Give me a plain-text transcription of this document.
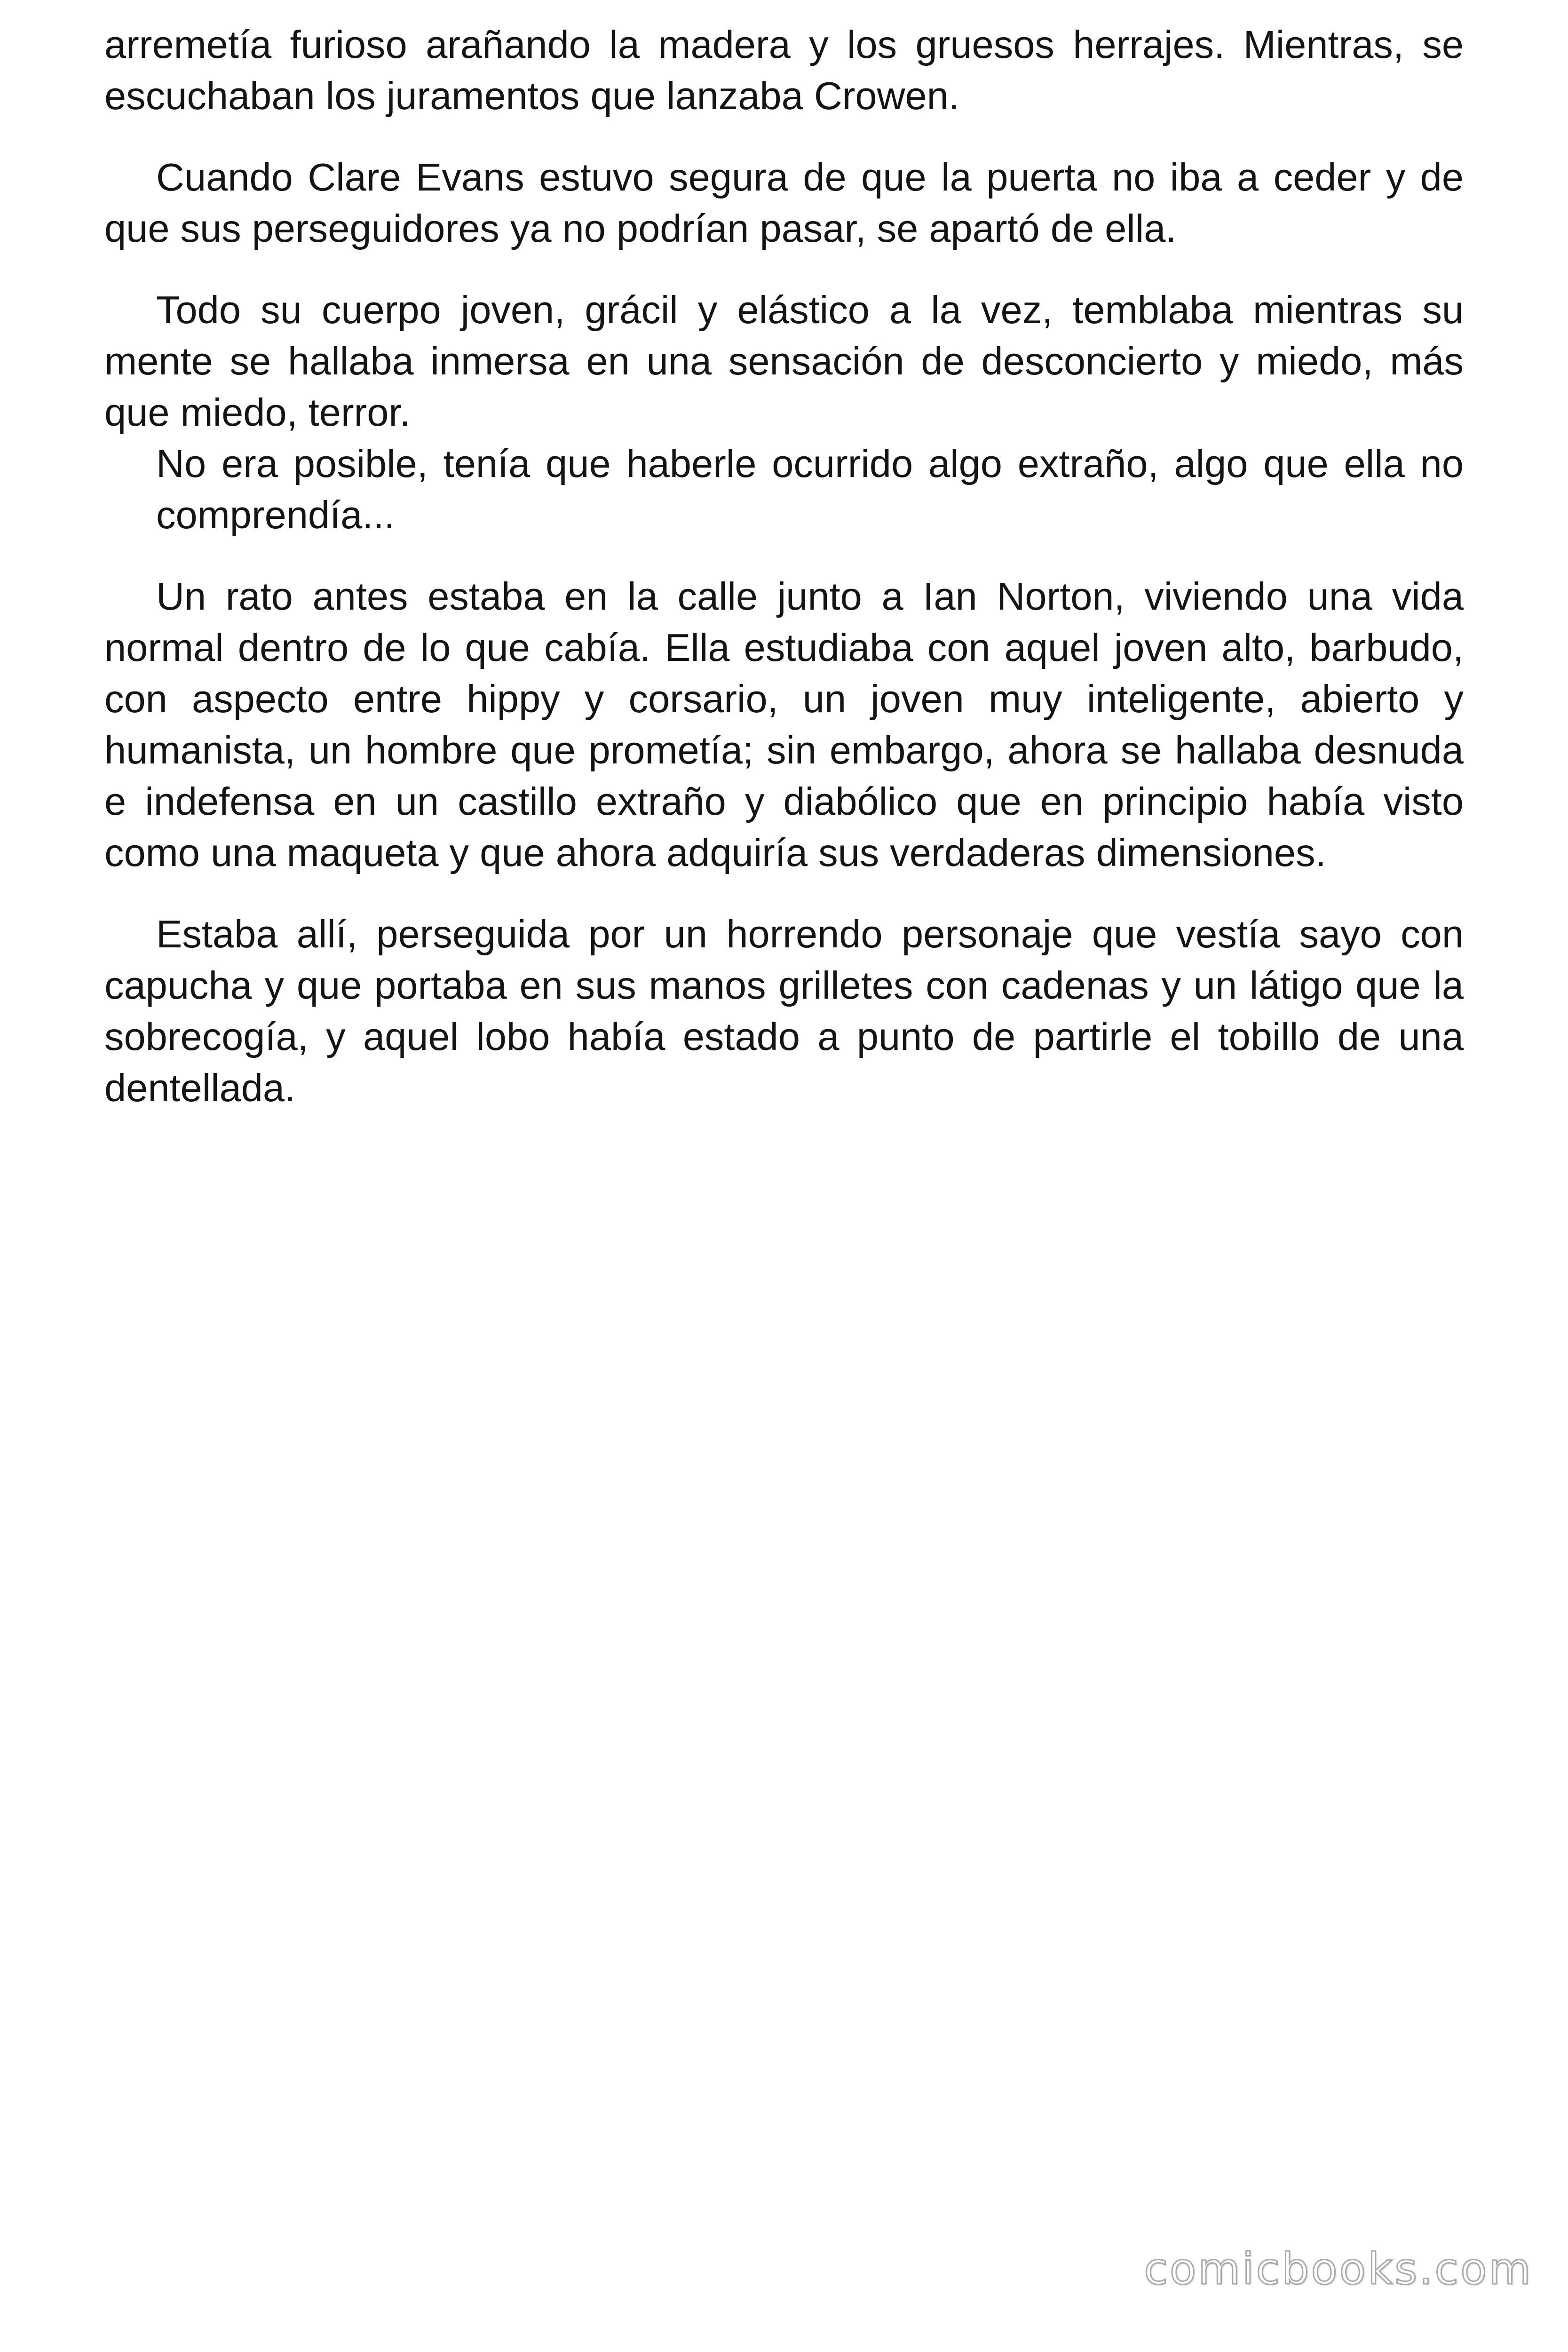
arremetía furioso arañando la madera y los gruesos herrajes. Mientras, se escuchaban los juramentos que lanzaba Crowen.

Cuando Clare Evans estuvo segura de que la puerta no iba a ceder y de que sus perseguidores ya no podrían pasar, se apartó de ella.

Todo su cuerpo joven, grácil y elástico a la vez, temblaba mientras su mente se hallaba inmersa en una sensación de desconcierto y miedo, más que miedo, terror.

No era posible, tenía que haberle ocurrido algo extraño, algo que ella no comprendía...

Un rato antes estaba en la calle junto a Ian Norton, viviendo una vida normal dentro de lo que cabía. Ella estudiaba con aquel joven alto, barbudo, con aspecto entre hippy y corsario, un joven muy inteligente, abierto y humanista, un hombre que prometía; sin embargo, ahora se hallaba desnuda e indefensa en un castillo extraño y diabólico que en principio había visto como una maqueta y que ahora adquiría sus verdaderas dimensiones.

Estaba allí, perseguida por un horrendo personaje que vestía sayo con capucha y que portaba en sus manos grilletes con cadenas y un látigo que la sobrecogía, y aquel lobo había estado a punto de partirle el tobillo de una dentellada.

comicbooks.com
